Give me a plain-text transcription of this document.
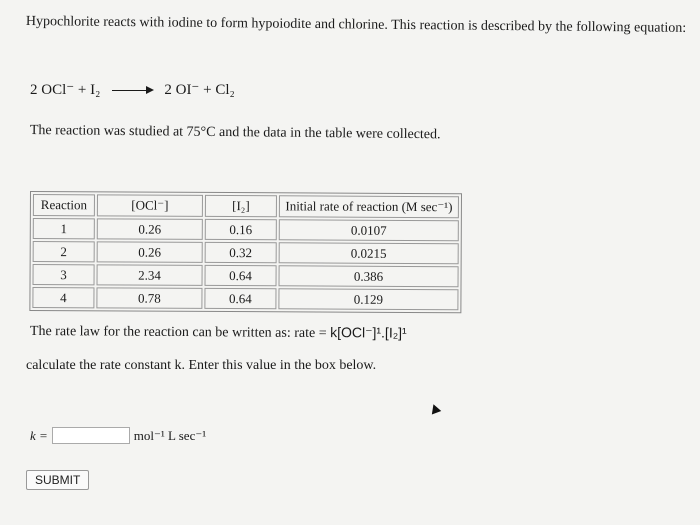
Hypochlorite reacts with iodine to form hypoiodite and chlorine. This reaction is described by the following equation:
2 OCl⁻ + I₂	2 OI⁻ + Cl₂
The reaction was studied at 75°C and the data in the table were collected.
Reaction	[OCl⁻]	[I₂]	Initial rate of reaction (M sec⁻¹)
1	0.26	0.16	0.0107
2	0.26	0.32	0.0215
3	2.34	0.64	0.386
4	0.78	0.64	0.129
The rate law for the reaction can be written as: rate = k[OCl⁻]¹.[I₂]¹
calculate the rate constant k. Enter this value in the box below.
k =	mol⁻¹ L sec⁻¹
SUBMIT
